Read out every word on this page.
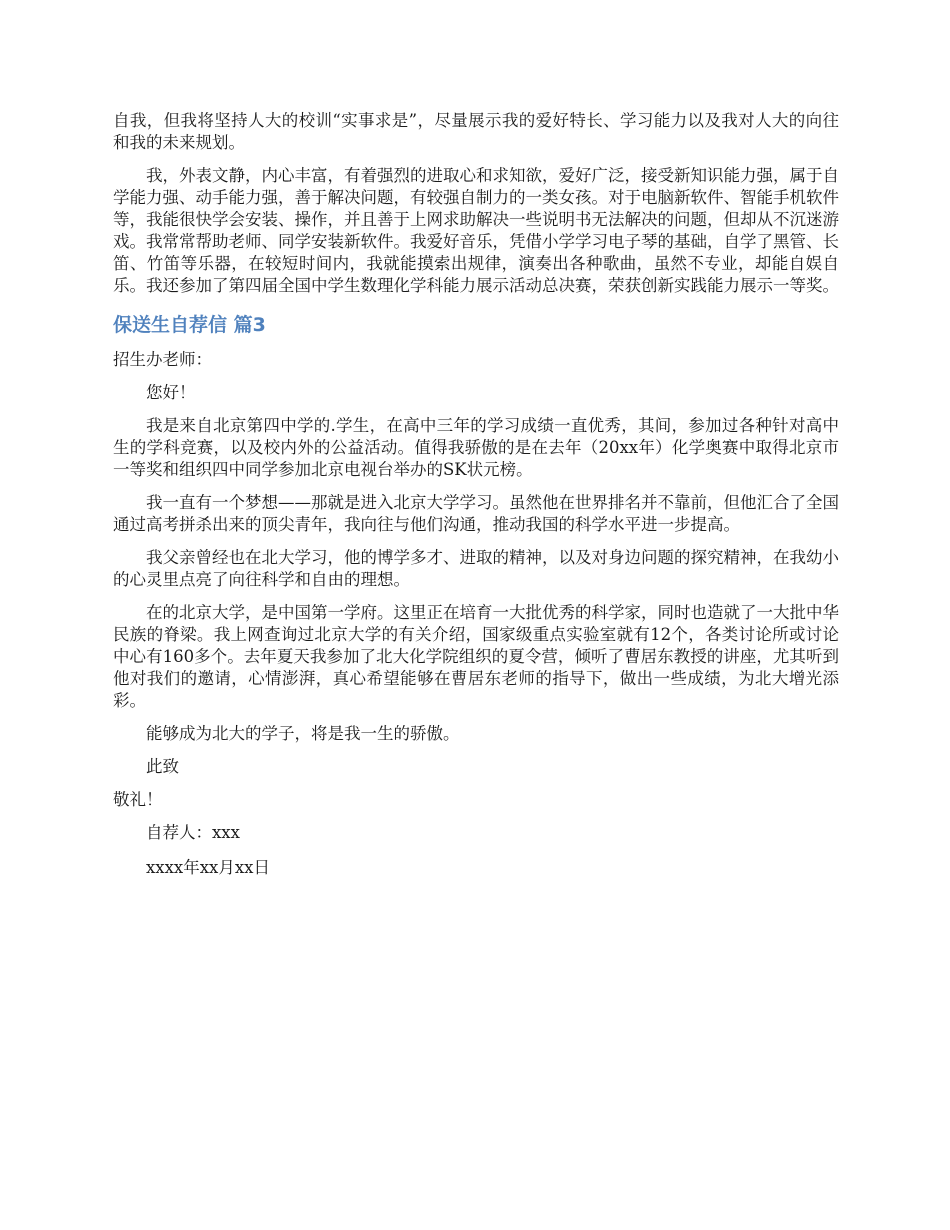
自我，但我将坚持人大的校训“实事求是”，尽量展示我的爱好特长、学习能力以及我对人大的向往和我的未来规划。

我，外表文静，内心丰富，有着强烈的进取心和求知欲，爱好广泛，接受新知识能力强，属于自学能力强、动手能力强，善于解决问题，有较强自制力的一类女孩。对于电脑新软件、智能手机软件等，我能很快学会安装、操作，并且善于上网求助解决一些说明书无法解决的问题，但却从不沉迷游戏。我常常帮助老师、同学安装新软件。我爱好音乐，凭借小学学习电子琴的基础，自学了黑管、长笛、竹笛等乐器，在较短时间内，我就能摸索出规律，演奏出各种歌曲，虽然不专业，却能自娱自乐。我还参加了第四届全国中学生数理化学科能力展示活动总决赛，荣获创新实践能力展示一等奖。

保送生自荐信 篇3

招生办老师：

您好！

我是来自北京第四中学的.学生，在高中三年的学习成绩一直优秀，其间，参加过各种针对高中生的学科竞赛，以及校内外的公益活动。值得我骄傲的是在去年（20xx年）化学奥赛中取得北京市一等奖和组织四中同学参加北京电视台举办的SK状元榜。

我一直有一个梦想——那就是进入北京大学学习。虽然他在世界排名并不靠前，但他汇合了全国通过高考拼杀出来的顶尖青年，我向往与他们沟通，推动我国的科学水平进一步提高。

我父亲曾经也在北大学习，他的博学多才、进取的精神，以及对身边问题的探究精神，在我幼小的心灵里点亮了向往科学和自由的理想。

在的北京大学，是中国第一学府。这里正在培育一大批优秀的科学家，同时也造就了一大批中华民族的脊梁。我上网查询过北京大学的有关介绍，国家级重点实验室就有12个，各类讨论所或讨论中心有160多个。去年夏天我参加了北大化学院组织的夏令营，倾听了曹居东教授的讲座，尤其听到他对我们的邀请，心情澎湃，真心希望能够在曹居东老师的指导下，做出一些成绩，为北大增光添彩。

能够成为北大的学子，将是我一生的骄傲。

此致

敬礼！

自荐人：xxx

xxxx年xx月xx日
